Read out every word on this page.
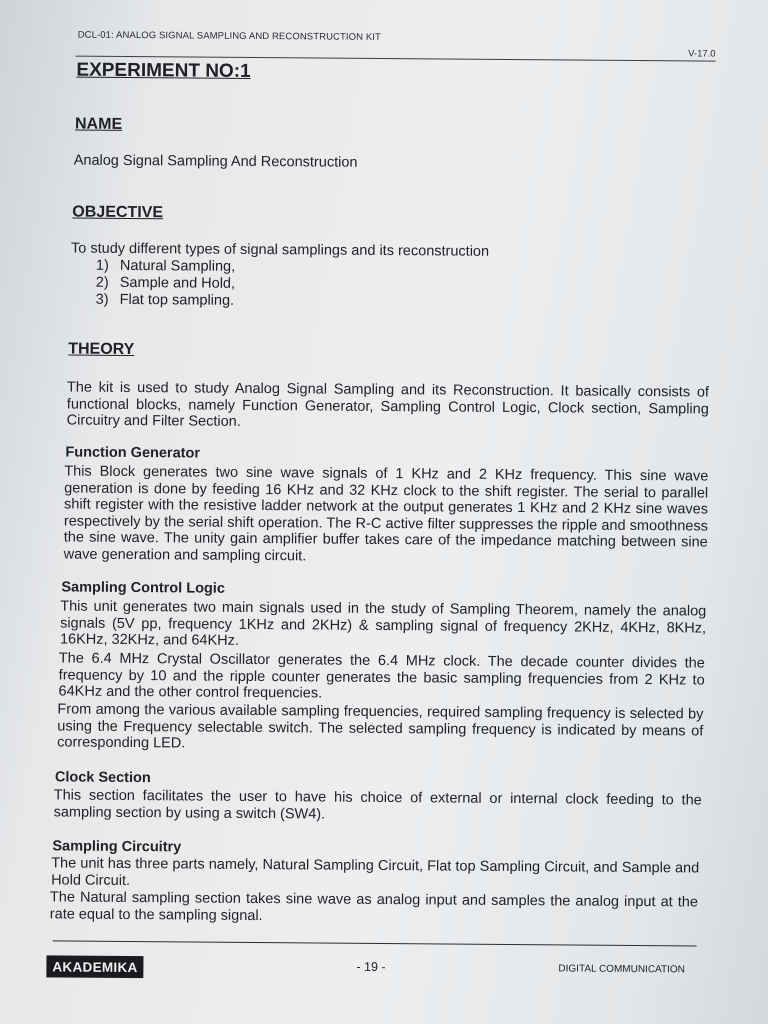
DCL-01: ANALOG SIGNAL SAMPLING AND RECONSTRUCTION KIT
V-17.0
EXPERIMENT NO:1
NAME

Analog Signal Sampling And Reconstruction

OBJECTIVE

To study different types of signal samplings and its reconstruction

1) Natural Sampling,
2) Sample and Hold,
3) Flat top sampling.
THEORY

The kit is used to study Analog Signal Sampling and its Reconstruction. It basically consists of functional blocks, namely Function Generator, Sampling Control Logic, Clock section, Sampling Circuitry and Filter Section.

Function Generator

This Block generates two sine wave signals of 1 KHz and 2 KHz frequency. This sine wave generation is done by feeding 16 KHz and 32 KHz clock to the shift register. The serial to parallel shift register with the resistive ladder network at the output generates 1 KHz and 2 KHz sine waves respectively by the serial shift operation. The R-C active filter suppresses the ripple and smoothness the sine wave. The unity gain amplifier buffer takes care of the impedance matching between sine wave generation and sampling circuit.

Sampling Control Logic

This unit generates two main signals used in the study of Sampling Theorem, namely the analog signals (5V pp, frequency 1KHz and 2KHz) & sampling signal of frequency 2KHz, 4KHz, 8KHz, 16KHz, 32KHz, and 64KHz.

The 6.4 MHz Crystal Oscillator generates the 6.4 MHz clock. The decade counter divides the frequency by 10 and the ripple counter generates the basic sampling frequencies from 2 KHz to 64KHz and the other control frequencies.

From among the various available sampling frequencies, required sampling frequency is selected by using the Frequency selectable switch. The selected sampling frequency is indicated by means of corresponding LED.

Clock Section

This section facilitates the user to have his choice of external or internal clock feeding to the sampling section by using a switch (SW4).

Sampling Circuitry

The unit has three parts namely, Natural Sampling Circuit, Flat top Sampling Circuit, and Sample and Hold Circuit.

The Natural sampling section takes sine wave as analog input and samples the analog input at the rate equal to the sampling signal.

AKADEMIKA	- 19 -	DIGITAL COMMUNICATION
